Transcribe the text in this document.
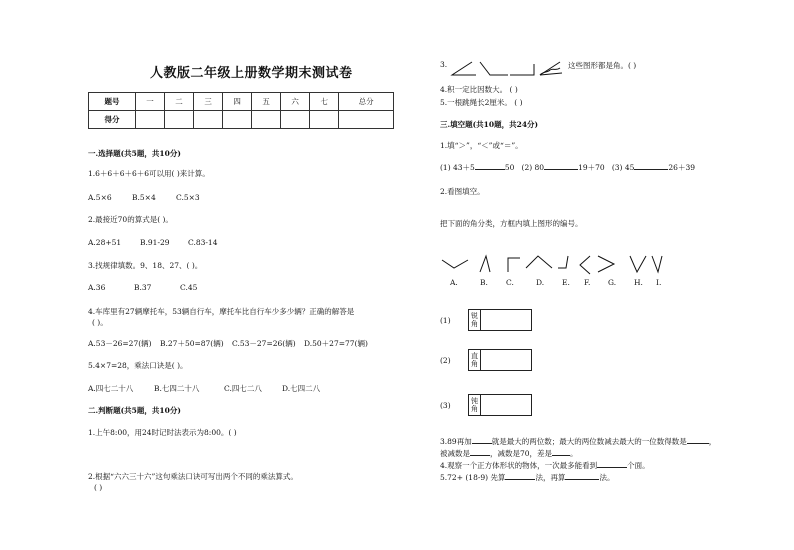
人教版二年级上册数学期末测试卷
题号	一	二	三	四	五	六	七	总分
得分								
一.选择题(共5题，共10分)
1.6＋6＋6＋6＋6可以用( )来计算。
A.5×6	B.5×4	C.5×3
2.最接近70的算式是( )。
A.28+51	B.91-29 C.83-14
3.找规律填数。9、18、27、( )。
A.36	B.37	C.45
4.车库里有27辆摩托车，53辆自行车，摩托车比自行车少多少辆？正确的解答是
( )。
A.53－26=27(辆) B.27＋50=87(辆) C.53－27=26(辆) D.50＋27=77(辆)
5.4×7=28，乘法口诀是( )。
A.四七二十八	B.七四二十八	C.四七二八	D.七四二八
二.判断题(共5题，共10分)
1.上午8:00，用24时记时法表示为8:00。( )
2.根据“六六三十六”这句乘法口诀可写出两个不同的乘法算式。
( )
3.	这些图形都是角。( )
4.积一定比因数大。 ( )
5.一根跳绳长2厘米。 ( )
三.填空题(共10题，共24分)
1.填“＞”，“＜”或“＝”。
(1) 43＋5	50 (2) 80	19＋70 (3) 45	26＋39
2.看图填空。
把下面的角分类，方框内填上图形的编号。
A.	B. C.	D. E. F. G. H. I.
(1)	锐
角
(2)	直
角
(3)	钝
角
3.89再加	就是最大的两位数；最大的两位数减去最大的一位数得数是	，
被减数是	，减数是70，差是 。
4.观察一个正方体形状的物体，一次最多能看到	个面。
5.72+ (18-9) 先算	法，再算	法。
